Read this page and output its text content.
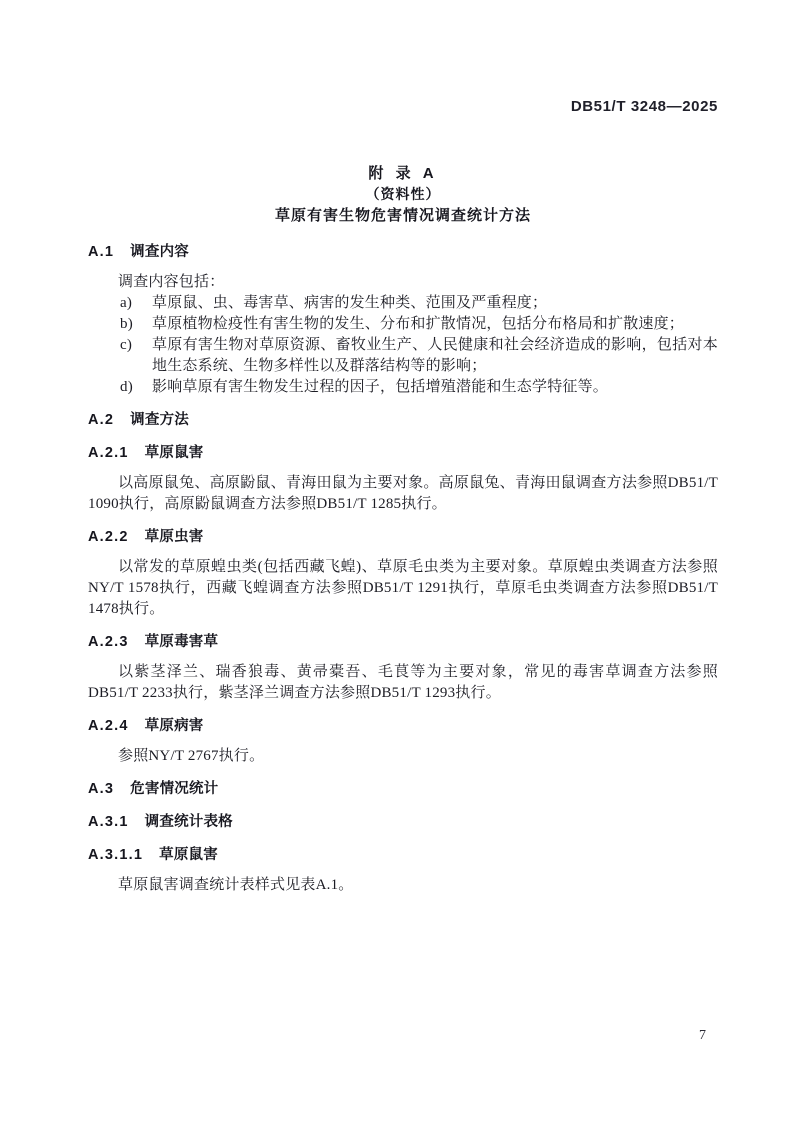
DB51/T 3248—2025
附 录 A
（资料性）
草原有害生物危害情况调查统计方法
A.1 调查内容

调查内容包括：

a) 草原鼠、虫、毒害草、病害的发生种类、范围及严重程度；
b) 草原植物检疫性有害生物的发生、分布和扩散情况，包括分布格局和扩散速度；
c) 草原有害生物对草原资源、畜牧业生产、人民健康和社会经济造成的影响，包括对本地生态系统、生物多样性以及群落结构等的影响；
d) 影响草原有害生物发生过程的因子，包括增殖潜能和生态学特征等。
A.2 调查方法
A.2.1 草原鼠害

以高原鼠兔、高原鼢鼠、青海田鼠为主要对象。高原鼠兔、青海田鼠调查方法参照DB51/T 1090执行，高原鼢鼠调查方法参照DB51/T 1285执行。

A.2.2 草原虫害

以常发的草原蝗虫类(包括西藏飞蝗)、草原毛虫类为主要对象。草原蝗虫类调查方法参照NY/T 1578执行，西藏飞蝗调查方法参照DB51/T 1291执行，草原毛虫类调查方法参照DB51/T 1478执行。

A.2.3 草原毒害草

以紫茎泽兰、瑞香狼毒、黄帚橐吾、毛茛等为主要对象，常见的毒害草调查方法参照DB51/T 2233执行，紫茎泽兰调查方法参照DB51/T 1293执行。

A.2.4 草原病害

参照NY/T 2767执行。

A.3 危害情况统计
A.3.1 调查统计表格
A.3.1.1 草原鼠害

草原鼠害调查统计表样式见表A.1。

7
